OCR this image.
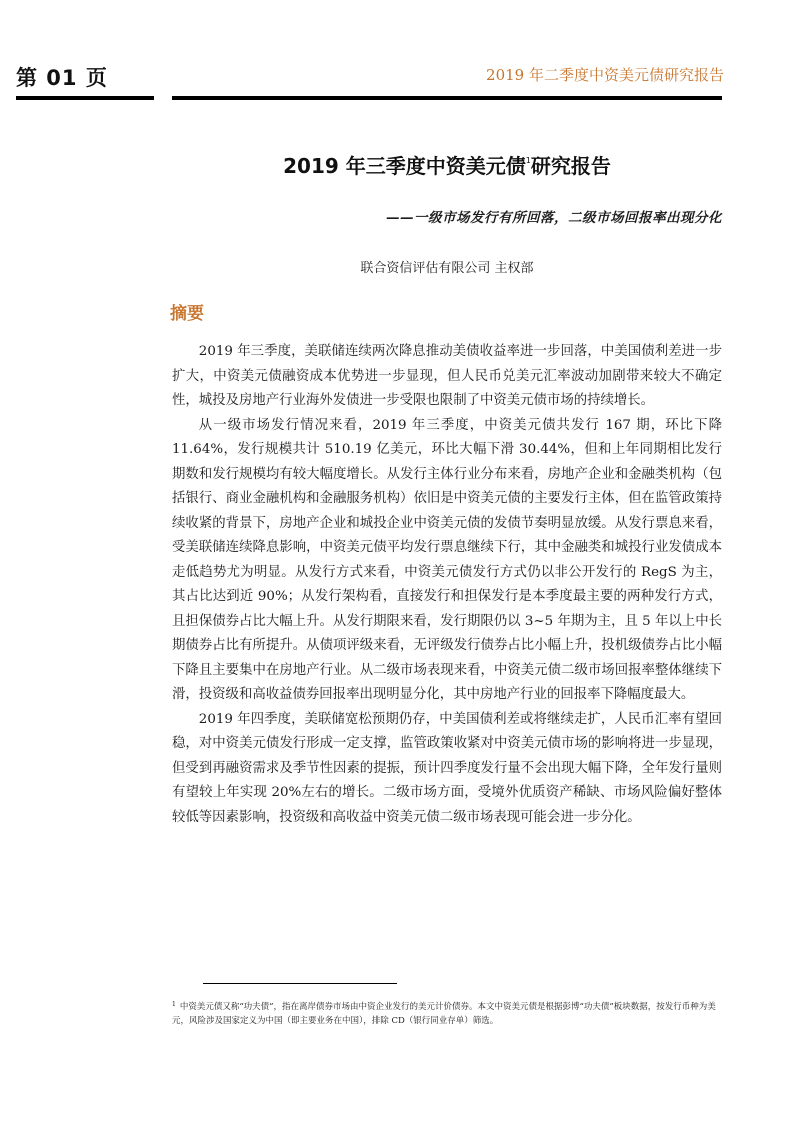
第 01 页	2019 年二季度中资美元债研究报告
2019 年三季度中资美元债$^1$研究报告
——一级市场发行有所回落，二级市场回报率出现分化
联合资信评估有限公司 主权部
摘要

2019 年三季度，美联储连续两次降息推动美债收益率进一步回落，中美国债利差进一步扩大，中资美元债融资成本优势进一步显现，但人民币兑美元汇率波动加剧带来较大不确定性，城投及房地产行业海外发债进一步受限也限制了中资美元债市场的持续增长。

从一级市场发行情况来看，2019 年三季度，中资美元债共发行 167 期，环比下降 11.64%，发行规模共计 510.19 亿美元，环比大幅下滑 30.44%，但和上年同期相比发行期数和发行规模均有较大幅度增长。从发行主体行业分布来看，房地产企业和金融类机构（包括银行、商业金融机构和金融服务机构）依旧是中资美元债的主要发行主体，但在监管政策持续收紧的背景下，房地产企业和城投企业中资美元债的发债节奏明显放缓。从发行票息来看，受美联储连续降息影响，中资美元债平均发行票息继续下行，其中金融类和城投行业发债成本走低趋势尤为明显。从发行方式来看，中资美元债发行方式仍以非公开发行的 RegS 为主，其占比达到近 90%；从发行架构看，直接发行和担保发行是本季度最主要的两种发行方式，且担保债券占比大幅上升。从发行期限来看，发行期限仍以 3~5 年期为主，且 5 年以上中长期债券占比有所提升。从债项评级来看，无评级发行债券占比小幅上升，投机级债券占比小幅下降且主要集中在房地产行业。从二级市场表现来看，中资美元债二级市场回报率整体继续下滑，投资级和高收益债券回报率出现明显分化，其中房地产行业的回报率下降幅度最大。

2019 年四季度，美联储宽松预期仍存，中美国债利差或将继续走扩，人民币汇率有望回稳，对中资美元债发行形成一定支撑，监管政策收紧对中资美元债市场的影响将进一步显现，但受到再融资需求及季节性因素的提振，预计四季度发行量不会出现大幅下降，全年发行量则有望较上年实现 20%左右的增长。二级市场方面，受境外优质资产稀缺、市场风险偏好整体较低等因素影响，投资级和高收益中资美元债二级市场表现可能会进一步分化。

$^1$ 中资美元债又称“功夫债”，指在离岸债券市场由中资企业发行的美元计价债券。本文中资美元债是根据彭博“功夫债”板块数据，按发行币种为美元，风险涉及国家定义为中国（即主要业务在中国），排除 CD（银行同业存单）筛选。
